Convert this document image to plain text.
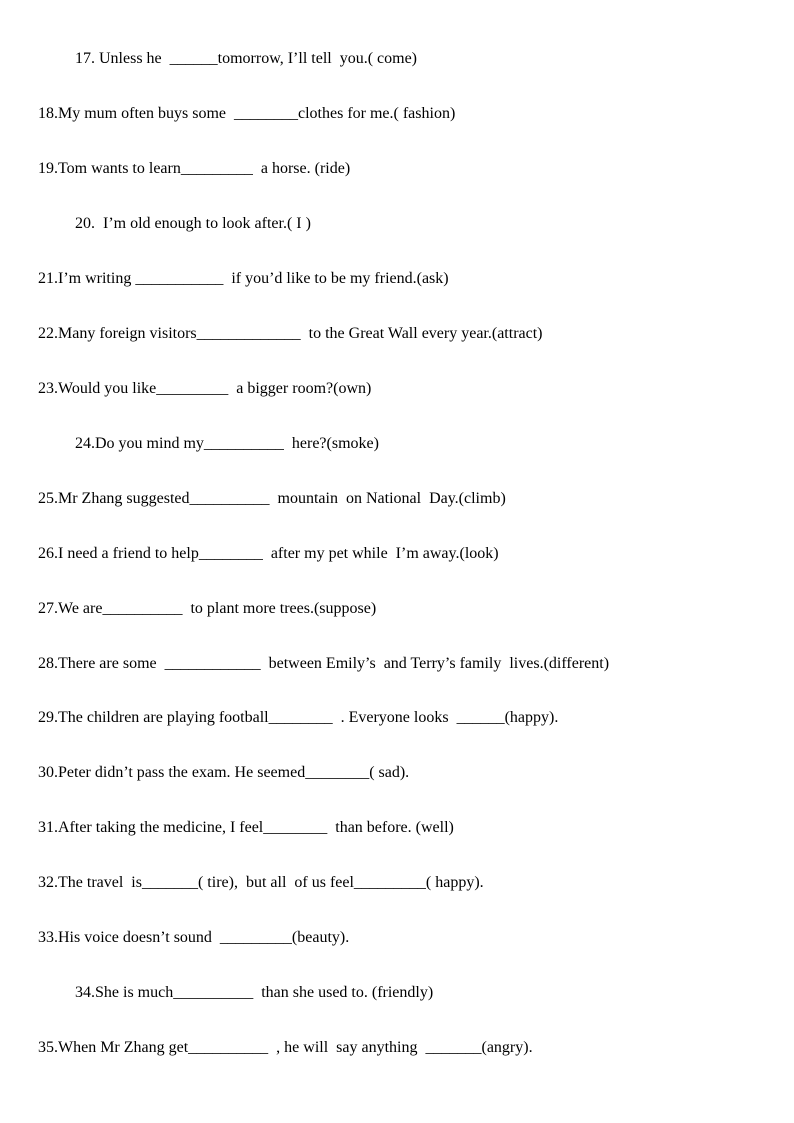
17. Unless he  ______tomorrow, I’ll tell  you.( come)
18.My mum often buys some  ________clothes for me.( fashion)
19.Tom wants to learn_________  a horse. (ride)
20.  I’m old enough to look after.( I )
21.I’m writing ___________  if you’d like to be my friend.(ask)
22.Many foreign visitors_____________  to the Great Wall every year.(attract)
23.Would you like_________  a bigger room?(own)
24.Do you mind my__________  here?(smoke)
25.Mr Zhang suggested__________  mountain  on National  Day.(climb)
26.I need a friend to help________  after my pet while  I’m away.(look)
27.We are__________  to plant more trees.(suppose)
28.There are some  ____________  between Emily’s  and Terry’s family  lives.(different)
29.The children are playing football________  . Everyone looks  ______(happy).
30.Peter didn’t pass the exam. He seemed________( sad).
31.After taking the medicine, I feel________  than before. (well)
32.The travel  is_______( tire),  but all  of us feel_________( happy).
33.His voice doesn’t sound  _________(beauty).
34.She is much__________  than she used to. (friendly)
35.When Mr Zhang get__________  , he will  say anything  _______(angry).
